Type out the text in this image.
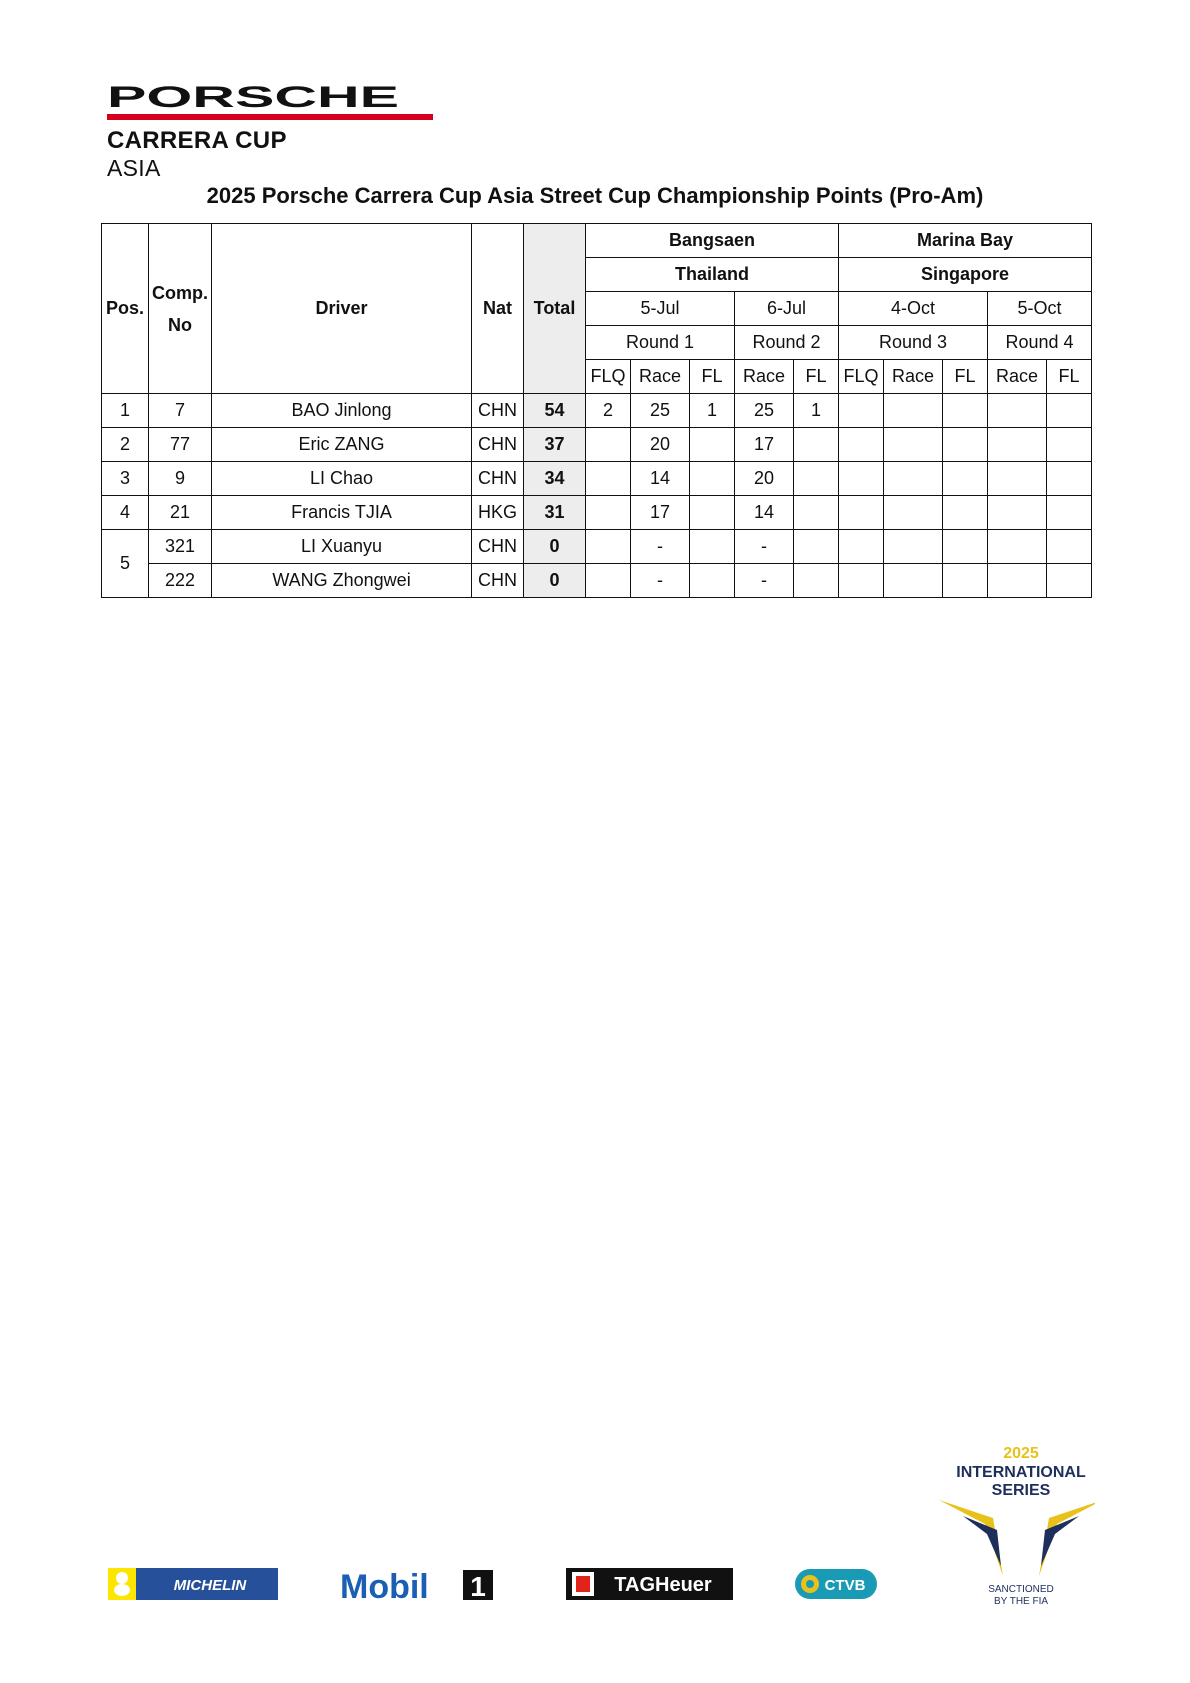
PORSCHE
CARRERA CUP
ASIA
2025 Porsche Carrera Cup Asia Street Cup Championship Points (Pro-Am)
Pos.	Comp. No	Driver	Nat	Total	Bangsaen					Marina Bay				
					Thailand					Singapore				
					5-Jul			6-Jul		4-Oct			5-Oct	
					Round 1			Round 2		Round 3			Round 4	
					FLQ	Race	FL	Race	FL	FLQ	Race	FL	Race	FL
1	7	BAO Jinlong	CHN	54	2	25	1	25	1					
2	77	Eric ZANG	CHN	37		20		17						
3	9	LI Chao	CHN	34		14		20						
4	21	Francis TJIA	HKG	31		17		14						
5	321	LI Xuanyu	CHN	0		-		-						
	222	WANG Zhongwei	CHN	0		-		-						
MICHELIN	Mobil 1	TAGHeuer	CTVB
2025
INTERNATIONAL
SERIES
SANCTIONED
BY THE FIA
